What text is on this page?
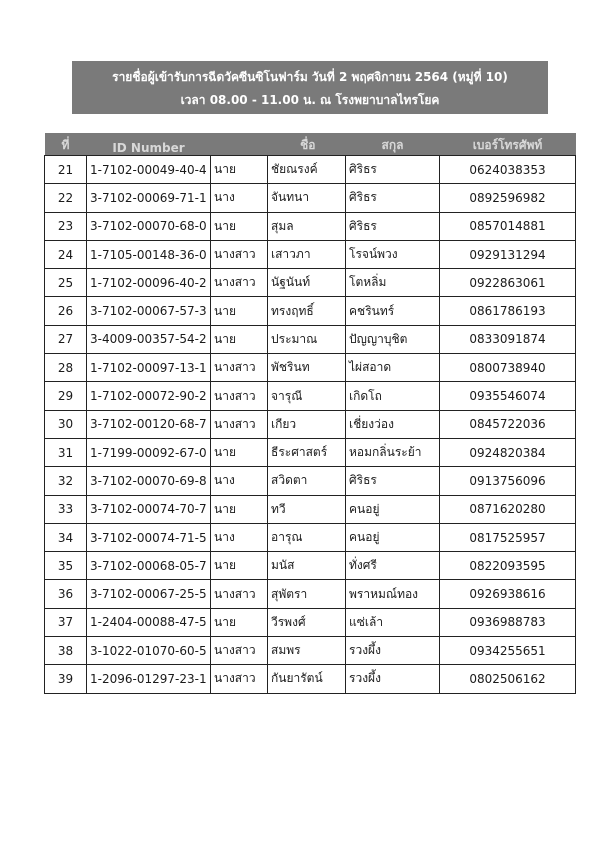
รายชื่อผู้เข้ารับการฉีดวัคซีนซิโนฟาร์ม วันที่ 2 พฤศจิกายน 2564 (หมู่ที่ 10)
เวลา 08.00 - 11.00 น. ณ โรงพยาบาลไทรโยค
ที่	ID Number	ชื่อ		สกุล	เบอร์โทรศัพท์
21	1-7102-00049-40-4	นาย	ชัยณรงค์	ศิริธร	0624038353
22	3-7102-00069-71-1	นาง	จันทนา	ศิริธร	0892596982
23	3-7102-00070-68-0	นาย	สุมล	ศิริธร	0857014881
24	1-7105-00148-36-0	นางสาว	เสาวภา	โรจน์พวง	0929131294
25	1-7102-00096-40-2	นางสาว	นัฐนันท์	โตหลิ่ม	0922863061
26	3-7102-00067-57-3	นาย	ทรงฤทธิ์	คชรินทร์	0861786193
27	3-4009-00357-54-2	นาย	ประมาณ	ปัญญาบุชิต	0833091874
28	1-7102-00097-13-1	นางสาว	พัชรินท	ไผ่สอาด	0800738940
29	1-7102-00072-90-2	นางสาว	จารุณี	เกิดโถ	0935546074
30	3-7102-00120-68-7	นางสาว	เกียว	เชี่ยงว่อง	0845722036
31	1-7199-00092-67-0	นาย	ธีระศาสตร์	หอมกลิ่นระย้า	0924820384
32	3-7102-00070-69-8	นาง	สวิดตา	ศิริธร	0913756096
33	3-7102-00074-70-7	นาย	ทวี	คนอยู่	0871620280
34	3-7102-00074-71-5	นาง	อารุณ	คนอยู่	0817525957
35	3-7102-00068-05-7	นาย	มนัส	ทั่งศรี	0822093595
36	3-7102-00067-25-5	นางสาว	สุพัตรา	พราหมณ์ทอง	0926938616
37	1-2404-00088-47-5	นาย	วีรพงศ์	แซ่เล้า	0936988783
38	3-1022-01070-60-5	นางสาว	สมพร	รวงผึ้ง	0934255651
39	1-2096-01297-23-1	นางสาว	กันยารัตน์	รวงผึ้ง	0802506162
